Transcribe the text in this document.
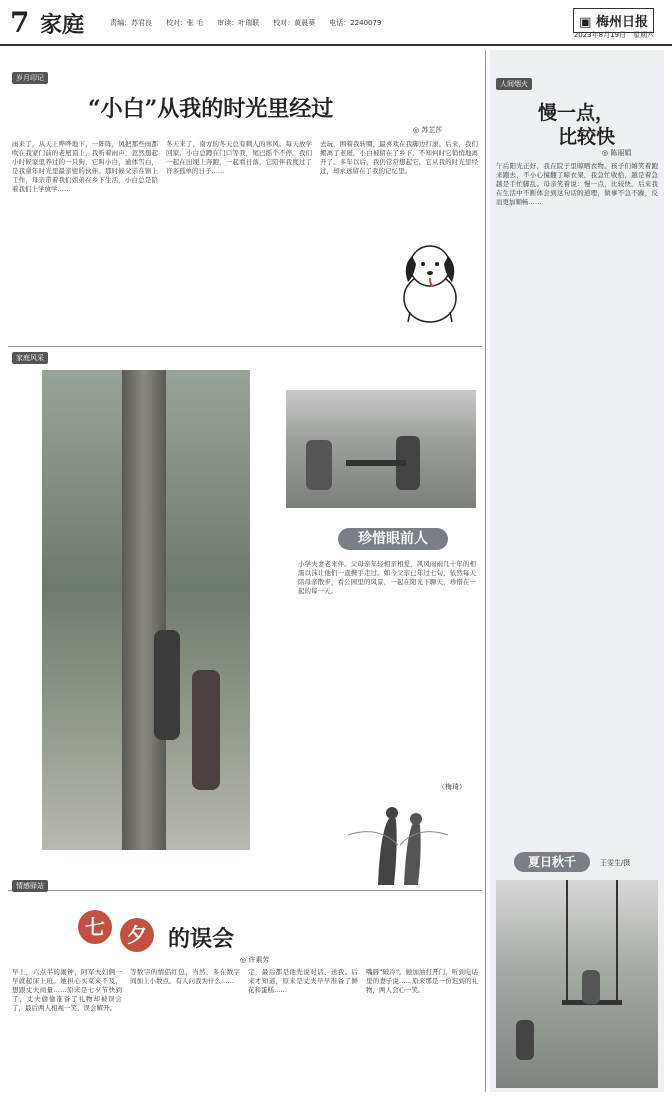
7 家庭	责编：苏君良　　校对：张 毛　　审读：叶瑞联　　校对：黄晨葵　　电话：2240079	▣ 梅州日报
2023年8月19日　星期六
岁月印记
“小白”从我的时光里经过
◎ 苏芷莎
雨来了，从天上哗哗地下，一阵阵，风把那些雨都吹在我家门前的老屋顶上，我听着雨声，忽然想起小时候家里养过的一只狗，它叫小白，通体雪白，是我童年时光里最亲密的伙伴。那时候父亲在镇上工作，母亲带着我们姐弟在乡下生活，小白总是陪着我们上学放学……
冬天来了，南方的冬天总有刺人的寒风。每天放学回家，小白总蹲在门口等我，尾巴摇个不停。我们一起在田埂上奔跑，一起看日落，它陪伴我度过了许多孤单的日子……
去玩，围着我转圈，最喜欢在我脚边打滚。后来，我们搬离了老屋，小白被留在了乡下，不知何时它悄悄地离开了。多年以后，我仍常常想起它，它从我的时光里经过，却永远留在了我的记忆里。
家庭风采
珍惜眼前人
小学夫妻老来伴。父母亲年轻相亲相爱，风风雨雨几十年的相濡以沫让他们一直携手走过。如今父亲已年过七旬，依然每天陪母亲散步，看公园里的风景，一起在阳光下聊天，珍惜在一起的每一天。
（梅琦）
情感驿站
七	夕 的误会
◎ 许素芳
早上，六点半的闹钟，阿军夫妇俩一早就起床上班。她担心买菜来不及，想跟丈夫商量……原来是七夕节快到了，丈夫偷偷准备了礼物却被误会了，最后两人相视一笑，误会解开。
等数字的情侣红包，当然，多在数字间加上小数点。有人问我为什么……
定，最后都是他先说对话、送我。后来才知道，原来是丈夫早早准备了鲜花和蛋糕……
嘴唇“破冷”。她加油打开门，听到电话里的妻子说……原来那是一份迟到的礼物，两人会心一笑。
人间烟火
慢一点，
比较快
◎ 陈丽娟
午后阳光正好，我在院子里晾晒衣物。孩子们嬉笑着跑来跑去，不小心撞翻了晾衣架，我急忙收拾，越是着急越是手忙脚乱。母亲笑着说：慢一点，比较快。后来我在生活中不断体会到这句话的道理，做事不急不躁，反而更加顺畅……
夏日秋千	王雯生/摄
